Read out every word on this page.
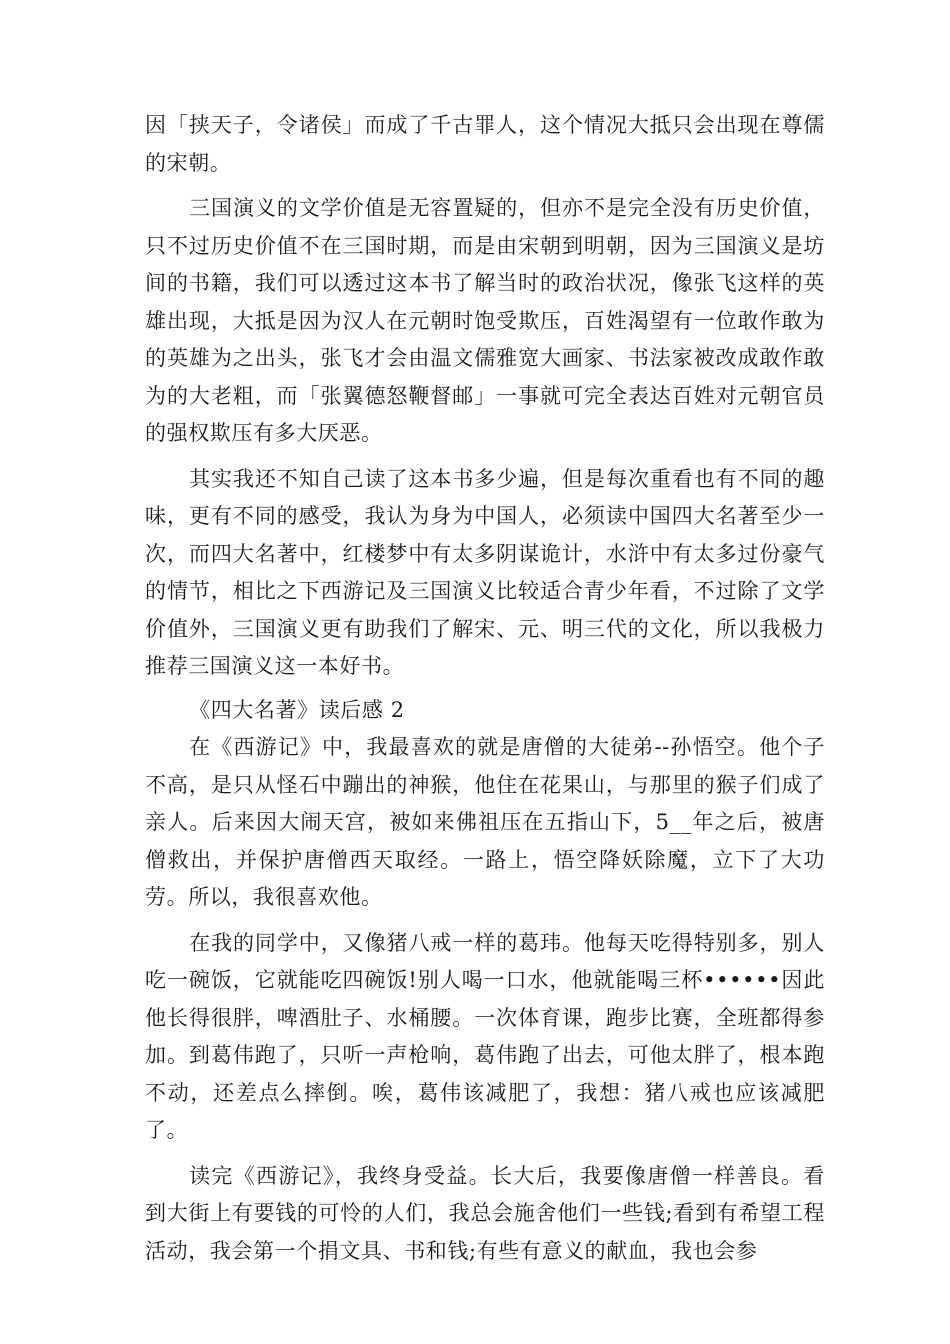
因「挟天子，令诸侯」而成了千古罪人，这个情况大抵只会出现在尊儒的宋朝。

三国演义的文学价值是无容置疑的，但亦不是完全没有历史价值，只不过历史价值不在三国时期，而是由宋朝到明朝，因为三国演义是坊间的书籍，我们可以透过这本书了解当时的政治状况，像张飞这样的英雄出现，大抵是因为汉人在元朝时饱受欺压，百姓渴望有一位敢作敢为的英雄为之出头，张飞才会由温文儒雅宽大画家、书法家被改成敢作敢为的大老粗，而「张翼德怒鞭督邮」一事就可完全表达百姓对元朝官员的强权欺压有多大厌恶。

其实我还不知自己读了这本书多少遍，但是每次重看也有不同的趣味，更有不同的感受，我认为身为中国人，必须读中国四大名著至少一次，而四大名著中，红楼梦中有太多阴谋诡计，水浒中有太多过份豪气的情节，相比之下西游记及三国演义比较适合青少年看，不过除了文学价值外，三国演义更有助我们了解宋、元、明三代的文化，所以我极力推荐三国演义这一本好书。

《四大名著》读后感 2

在《西游记》中，我最喜欢的就是唐僧的大徒弟--孙悟空。他个子不高，是只从怪石中蹦出的神猴，他住在花果山，与那里的猴子们成了亲人。后来因大闹天宫，被如来佛祖压在五指山下，5__年之后，被唐僧救出，并保护唐僧西天取经。一路上，悟空降妖除魔，立下了大功劳。所以，我很喜欢他。

在我的同学中，又像猪八戒一样的葛玮。他每天吃得特别多，别人吃一碗饭，它就能吃四碗饭!别人喝一口水，他就能喝三杯••••••因此他长得很胖，啤酒肚子、水桶腰。一次体育课，跑步比赛，全班都得参加。到葛伟跑了，只听一声枪响，葛伟跑了出去，可他太胖了，根本跑不动，还差点么摔倒。唉，葛伟该减肥了，我想：猪八戒也应该减肥了。

读完《西游记》，我终身受益。长大后，我要像唐僧一样善良。看到大街上有要钱的可怜的人们，我总会施舍他们一些钱;看到有希望工程活动，我会第一个捐文具、书和钱;有些有意义的献血，我也会参
